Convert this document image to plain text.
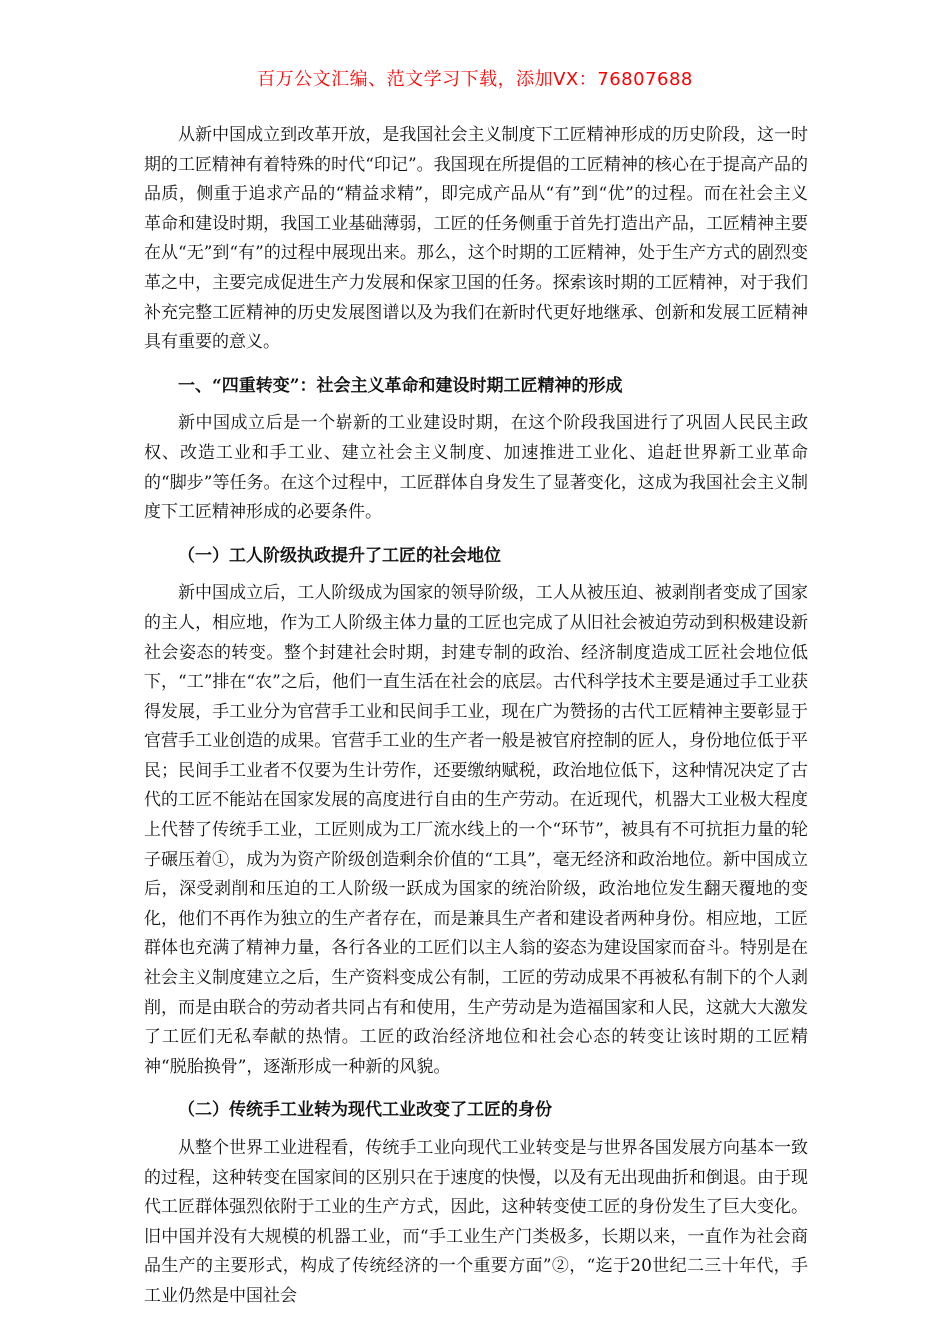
百万公文汇编、范文学习下载，添加VX：76807688

从新中国成立到改革开放，是我国社会主义制度下工匠精神形成的历史阶段，这一时期的工匠精神有着特殊的时代“印记”。我国现在所提倡的工匠精神的核心在于提高产品的品质，侧重于追求产品的“精益求精”，即完成产品从“有”到“优”的过程。而在社会主义革命和建设时期，我国工业基础薄弱，工匠的任务侧重于首先打造出产品，工匠精神主要在从“无”到“有”的过程中展现出来。那么，这个时期的工匠精神，处于生产方式的剧烈变革之中，主要完成促进生产力发展和保家卫国的任务。探索该时期的工匠精神，对于我们补充完整工匠精神的历史发展图谱以及为我们在新时代更好地继承、创新和发展工匠精神具有重要的意义。

一、“四重转变”：社会主义革命和建设时期工匠精神的形成

新中国成立后是一个崭新的工业建设时期，在这个阶段我国进行了巩固人民民主政权、改造工业和手工业、建立社会主义制度、加速推进工业化、追赶世界新工业革命的“脚步”等任务。在这个过程中，工匠群体自身发生了显著变化，这成为我国社会主义制度下工匠精神形成的必要条件。

（一）工人阶级执政提升了工匠的社会地位

新中国成立后，工人阶级成为国家的领导阶级，工人从被压迫、被剥削者变成了国家的主人，相应地，作为工人阶级主体力量的工匠也完成了从旧社会被迫劳动到积极建设新社会姿态的转变。整个封建社会时期，封建专制的政治、经济制度造成工匠社会地位低下，“工”排在“农”之后，他们一直生活在社会的底层。古代科学技术主要是通过手工业获得发展，手工业分为官营手工业和民间手工业，现在广为赞扬的古代工匠精神主要彰显于官营手工业创造的成果。官营手工业的生产者一般是被官府控制的匠人，身份地位低于平民；民间手工业者不仅要为生计劳作，还要缴纳赋税，政治地位低下，这种情况决定了古代的工匠不能站在国家发展的高度进行自由的生产劳动。在近现代，机器大工业极大程度上代替了传统手工业，工匠则成为工厂流水线上的一个“环节”，被具有不可抗拒力量的轮子碾压着①，成为为资产阶级创造剩余价值的“工具”，毫无经济和政治地位。新中国成立后，深受剥削和压迫的工人阶级一跃成为国家的统治阶级，政治地位发生翻天覆地的变化，他们不再作为独立的生产者存在，而是兼具生产者和建设者两种身份。相应地，工匠群体也充满了精神力量，各行各业的工匠们以主人翁的姿态为建设国家而奋斗。特别是在社会主义制度建立之后，生产资料变成公有制，工匠的劳动成果不再被私有制下的个人剥削，而是由联合的劳动者共同占有和使用，生产劳动是为造福国家和人民，这就大大激发了工匠们无私奉献的热情。工匠的政治经济地位和社会心态的转变让该时期的工匠精神“脱胎换骨”，逐渐形成一种新的风貌。

（二）传统手工业转为现代工业改变了工匠的身份

从整个世界工业进程看，传统手工业向现代工业转变是与世界各国发展方向基本一致的过程，这种转变在国家间的区别只在于速度的快慢，以及有无出现曲折和倒退。由于现代工匠群体强烈依附于工业的生产方式，因此，这种转变使工匠的身份发生了巨大变化。旧中国并没有大规模的机器工业，而“手工业生产门类极多，长期以来，一直作为社会商品生产的主要形式，构成了传统经济的一个重要方面”②，“迄于20世纪二三十年代，手工业仍然是中国社会
